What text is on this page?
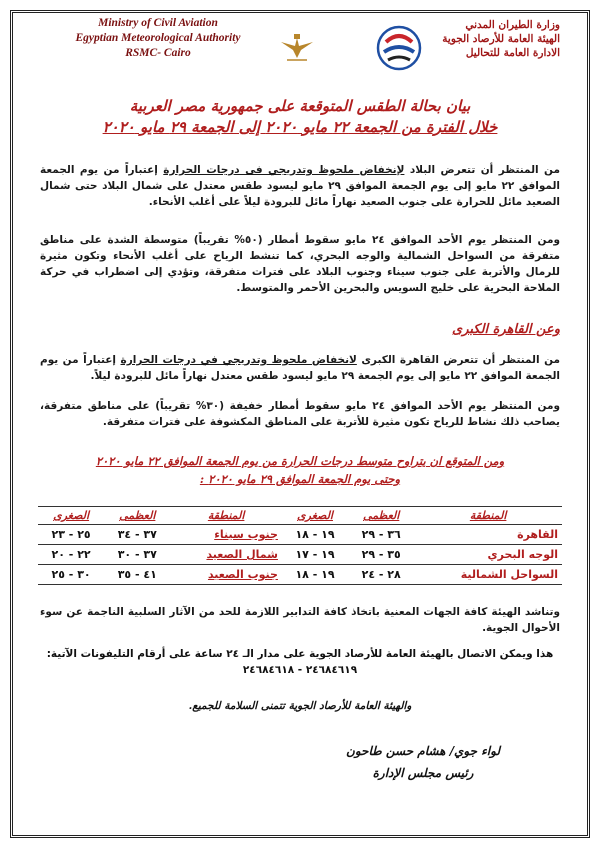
Ministry of Civil Aviation
Egyptian Meteorological Authority
RSMC- Cairo
وزارة الطيران المدني
الهيئة العامة للأرصاد الجوية
الادارة العامة للتحاليل
بيان بحالة الطقس المتوقعة على جمهورية مصر العربية
خلال الفترة من الجمعة ٢٢ مايو ٢٠٢٠ إلى الجمعة ٢٩ مايو ٢٠٢٠
من المنتظر أن تتعرض البلاد لإنخفاض ملحوظ وتدريجي فى درجات الحرارة إعتباراً من يوم الجمعة الموافق ٢٢ مايو إلى يوم الجمعة الموافق ٢٩ مايو ليسود طقس معتدل على شمال البلاد حتى شمال الصعيد مائل للحرارة على جنوب الصعيد نهاراً مائل للبرودة ليلاً على أغلب الأنحاء.
ومن المنتظر يوم الأحد الموافق ٢٤ مايو سقوط أمطار (٥٠% تقريباً) متوسطة الشدة على مناطق متفرقة من السواحل الشمالية والوجه البحري، كما تنشط الرياح على أغلب الأنحاء وتكون مثيرة للرمال والأتربة على جنوب سيناء وجنوب البلاد على فترات متفرقة، وتؤدي إلى اضطراب في حركة الملاحة البحرية على خليج السويس والبحرين الأحمر والمتوسط.
وعن القاهرة الكبرى
من المنتظر أن تتعرض القاهرة الكبرى لانخفاض ملحوظ وتدريجي في درجات الحرارة إعتباراً من يوم الجمعة الموافق ٢٢ مايو إلى يوم الجمعة ٢٩ مايو ليسود طقس معتدل نهاراً مائل للبرودة ليلاً.
ومن المنتظر يوم الأحد الموافق ٢٤ مايو سقوط أمطار خفيفة (٣٠% تقريباً) على مناطق متفرقة، يصاحب ذلك نشاط للرياح تكون مثيرة للأتربة على المناطق المكشوفة على فترات متفرقة.
ومن المتوقع ان يتراوح متوسط درجات الحرارة من يوم الجمعة الموافق ٢٢ مايو ٢٠٢٠
وحتى يوم الجمعة الموافق ٢٩ مايو ٢٠٢٠ :
المنطقة	العظمى	الصغرى	المنطقة	العظمى	الصغرى
القاهرة	٣٦ - ٢٩	١٩ - ١٨	جنوب سيناء	٣٧ - ٣٤	٢٥ - ٢٣
الوجه البحري	٣٥ - ٢٩	١٩ - ١٧	شمال الصعيد	٣٧ - ٣٠	٢٢ - ٢٠
السواحل الشمالية	٢٨ - ٢٤	١٩ - ١٨	جنوب الصعيد	٤١ - ٣٥	٣٠ - ٢٥
وتناشد الهيئة كافة الجهات المعنية باتخاذ كافة التدابير اللازمة للحد من الآثار السلبية الناجمة عن سوء الأحوال الجوية.
هذا ويمكن الاتصال بالهيئة العامة للأرصاد الجوية على مدار الـ ٢٤ ساعة على أرقام التليفونات الآتية:
٢٤٦٨٤٦١٩ - ٢٤٦٨٤٦١٨
والهيئة العامة للأرصاد الجوية تتمنى السلامة للجميع.
لواء جوي/ هشام حسن طاحون
رئيس مجلس الإدارة
